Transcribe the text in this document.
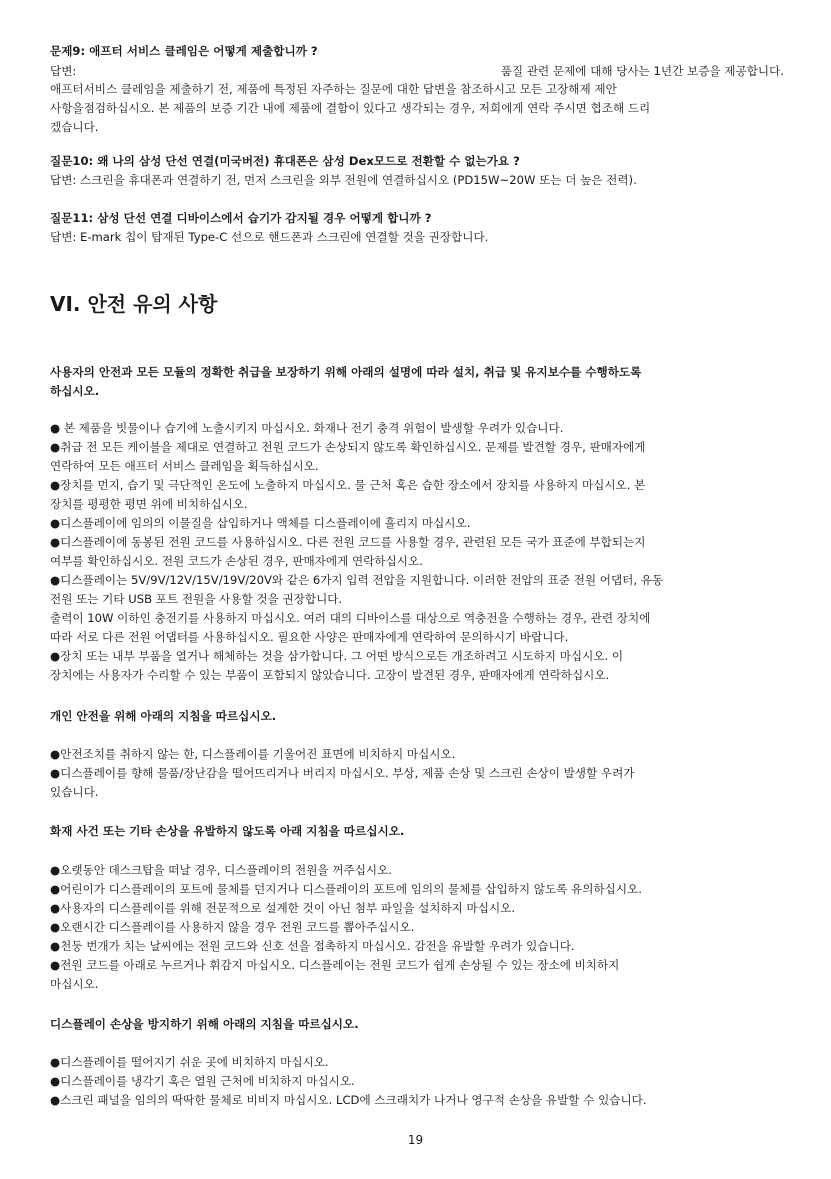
문제9: 애프터 서비스 클레임은 어떻게 제출합니까 ?
답변:	품질 관련 문제에 대해 당사는 1년간 보증을 제공합니다.
애프터서비스 클레임을 제출하기 전, 제품에 특정된 자주하는 질문에 대한 답변을 참조하시고 모든 고장해제 제안
사항을점검하십시오. 본 제품의 보증 기간 내에 제품에 결함이 있다고 생각되는 경우, 저희에게 연락 주시면 협조해 드리
겠습니다.
질문10: 왜 나의 삼성 단선 연결(미국버전) 휴대폰은 삼성 Dex모드로 전환할 수 없는가요 ?
답변: 스크린을 휴대폰과 연결하기 전, 먼저 스크린을 외부 전원에 연결하십시오 (PD15W~20W 또는 더 높은 전력).
질문11: 삼성 단선 연결 디바이스에서 습기가 감지될 경우 어떻게 합니까 ?
답변: E-mark 칩이 탑재된 Type-C 선으로 핸드폰과 스크린에 연결할 것을 권장합니다.
VI. 안전 유의 사항
사용자의 안전과 모든 모듈의 정확한 취급을 보장하기 위해 아래의 설명에 따라 설치, 취급 및 유지보수를 수행하도록
하십시오.
● 본 제품을 빗물이나 습기에 노출시키지 마십시오. 화재나 전기 충격 위험이 발생할 우려가 있습니다.
●취급 전 모든 케이블을 제대로 연결하고 전원 코드가 손상되지 않도록 확인하십시오. 문제를 발견할 경우, 판매자에게
연락하여 모든 애프터 서비스 클레임을 획득하십시오.
●장치를 먼지, 습기 및 극단적인 온도에 노출하지 마십시오. 물 근처 혹은 습한 장소에서 장치를 사용하지 마십시오. 본
장치를 평평한 평면 위에 비치하십시오.
●디스플레이에 임의의 이물질을 삽입하거나 액체를 디스플레이에 흘리지 마십시오.
●디스플레이에 동봉된 전원 코드를 사용하십시오. 다른 전원 코드를 사용할 경우, 관련된 모든 국가 표준에 부합되는지
여부를 확인하십시오. 전원 코드가 손상된 경우, 판매자에게 연락하십시오.
●디스플레이는 5V/9V/12V/15V/19V/20V와 같은 6가지 입력 전압을 지원합니다. 이러한 전압의 표준 전원 어댑터, 유동
전원 또는 기타 USB 포트 전원을 사용할 것을 권장합니다.
출력이 10W 이하인 충전기를 사용하지 마십시오. 여러 대의 디바이스를 대상으로 역충전을 수행하는 경우, 관련 장치에
따라 서로 다른 전원 어댑터를 사용하십시오. 필요한 사양은 판매자에게 연락하여 문의하시기 바랍니다.
●장치 또는 내부 부품을 열거나 해체하는 것을 삼가합니다. 그 어떤 방식으로든 개조하려고 시도하지 마십시오. 이
장치에는 사용자가 수리할 수 있는 부품이 포함되지 않았습니다. 고장이 발견된 경우, 판매자에게 연락하십시오.
개인 안전을 위해 아래의 지침을 따르십시오.
●안전조치를 취하지 않는 한, 디스플레이를 기울어진 표면에 비치하지 마십시오.
●디스플레이를 향해 물품/장난감을 떨어뜨리거나 버리지 마십시오. 부상, 제품 손상 및 스크린 손상이 발생할 우려가
있습니다.
화재 사건 또는 기타 손상을 유발하지 않도록 아래 지침을 따르십시오.
●오랫동안 데스크탑을 떠날 경우, 디스플레이의 전원을 꺼주십시오.
●어린이가 디스플레이의 포트에 물체를 던지거나 디스플레이의 포트에 임의의 물체를 삽입하지 않도록 유의하십시오.
●사용자의 디스플레이를 위해 전문적으로 설계한 것이 아닌 첨부 파일을 설치하지 마십시오.
●오랜시간 디스플레이를 사용하지 않을 경우 전원 코드를 뽑아주십시오.
●천둥 번개가 치는 날씨에는 전원 코드와 신호 선을 접촉하지 마십시오. 감전을 유발할 우려가 있습니다.
●전원 코드를 아래로 누르거나 휘감지 마십시오. 디스플레이는 전원 코드가 쉽게 손상될 수 있는 장소에 비치하지
마십시오.
디스플레이 손상을 방지하기 위해 아래의 지침을 따르십시오.
●디스플레이를 떨어지기 쉬운 곳에 비치하지 마십시오.
●디스플레이를 냉각기 혹은 열원 근처에 비치하지 마십시오.
●스크린 패널을 임의의 딱딱한 물체로 비비지 마십시오. LCD에 스크래치가 나거나 영구적 손상을 유발할 수 있습니다.
19
